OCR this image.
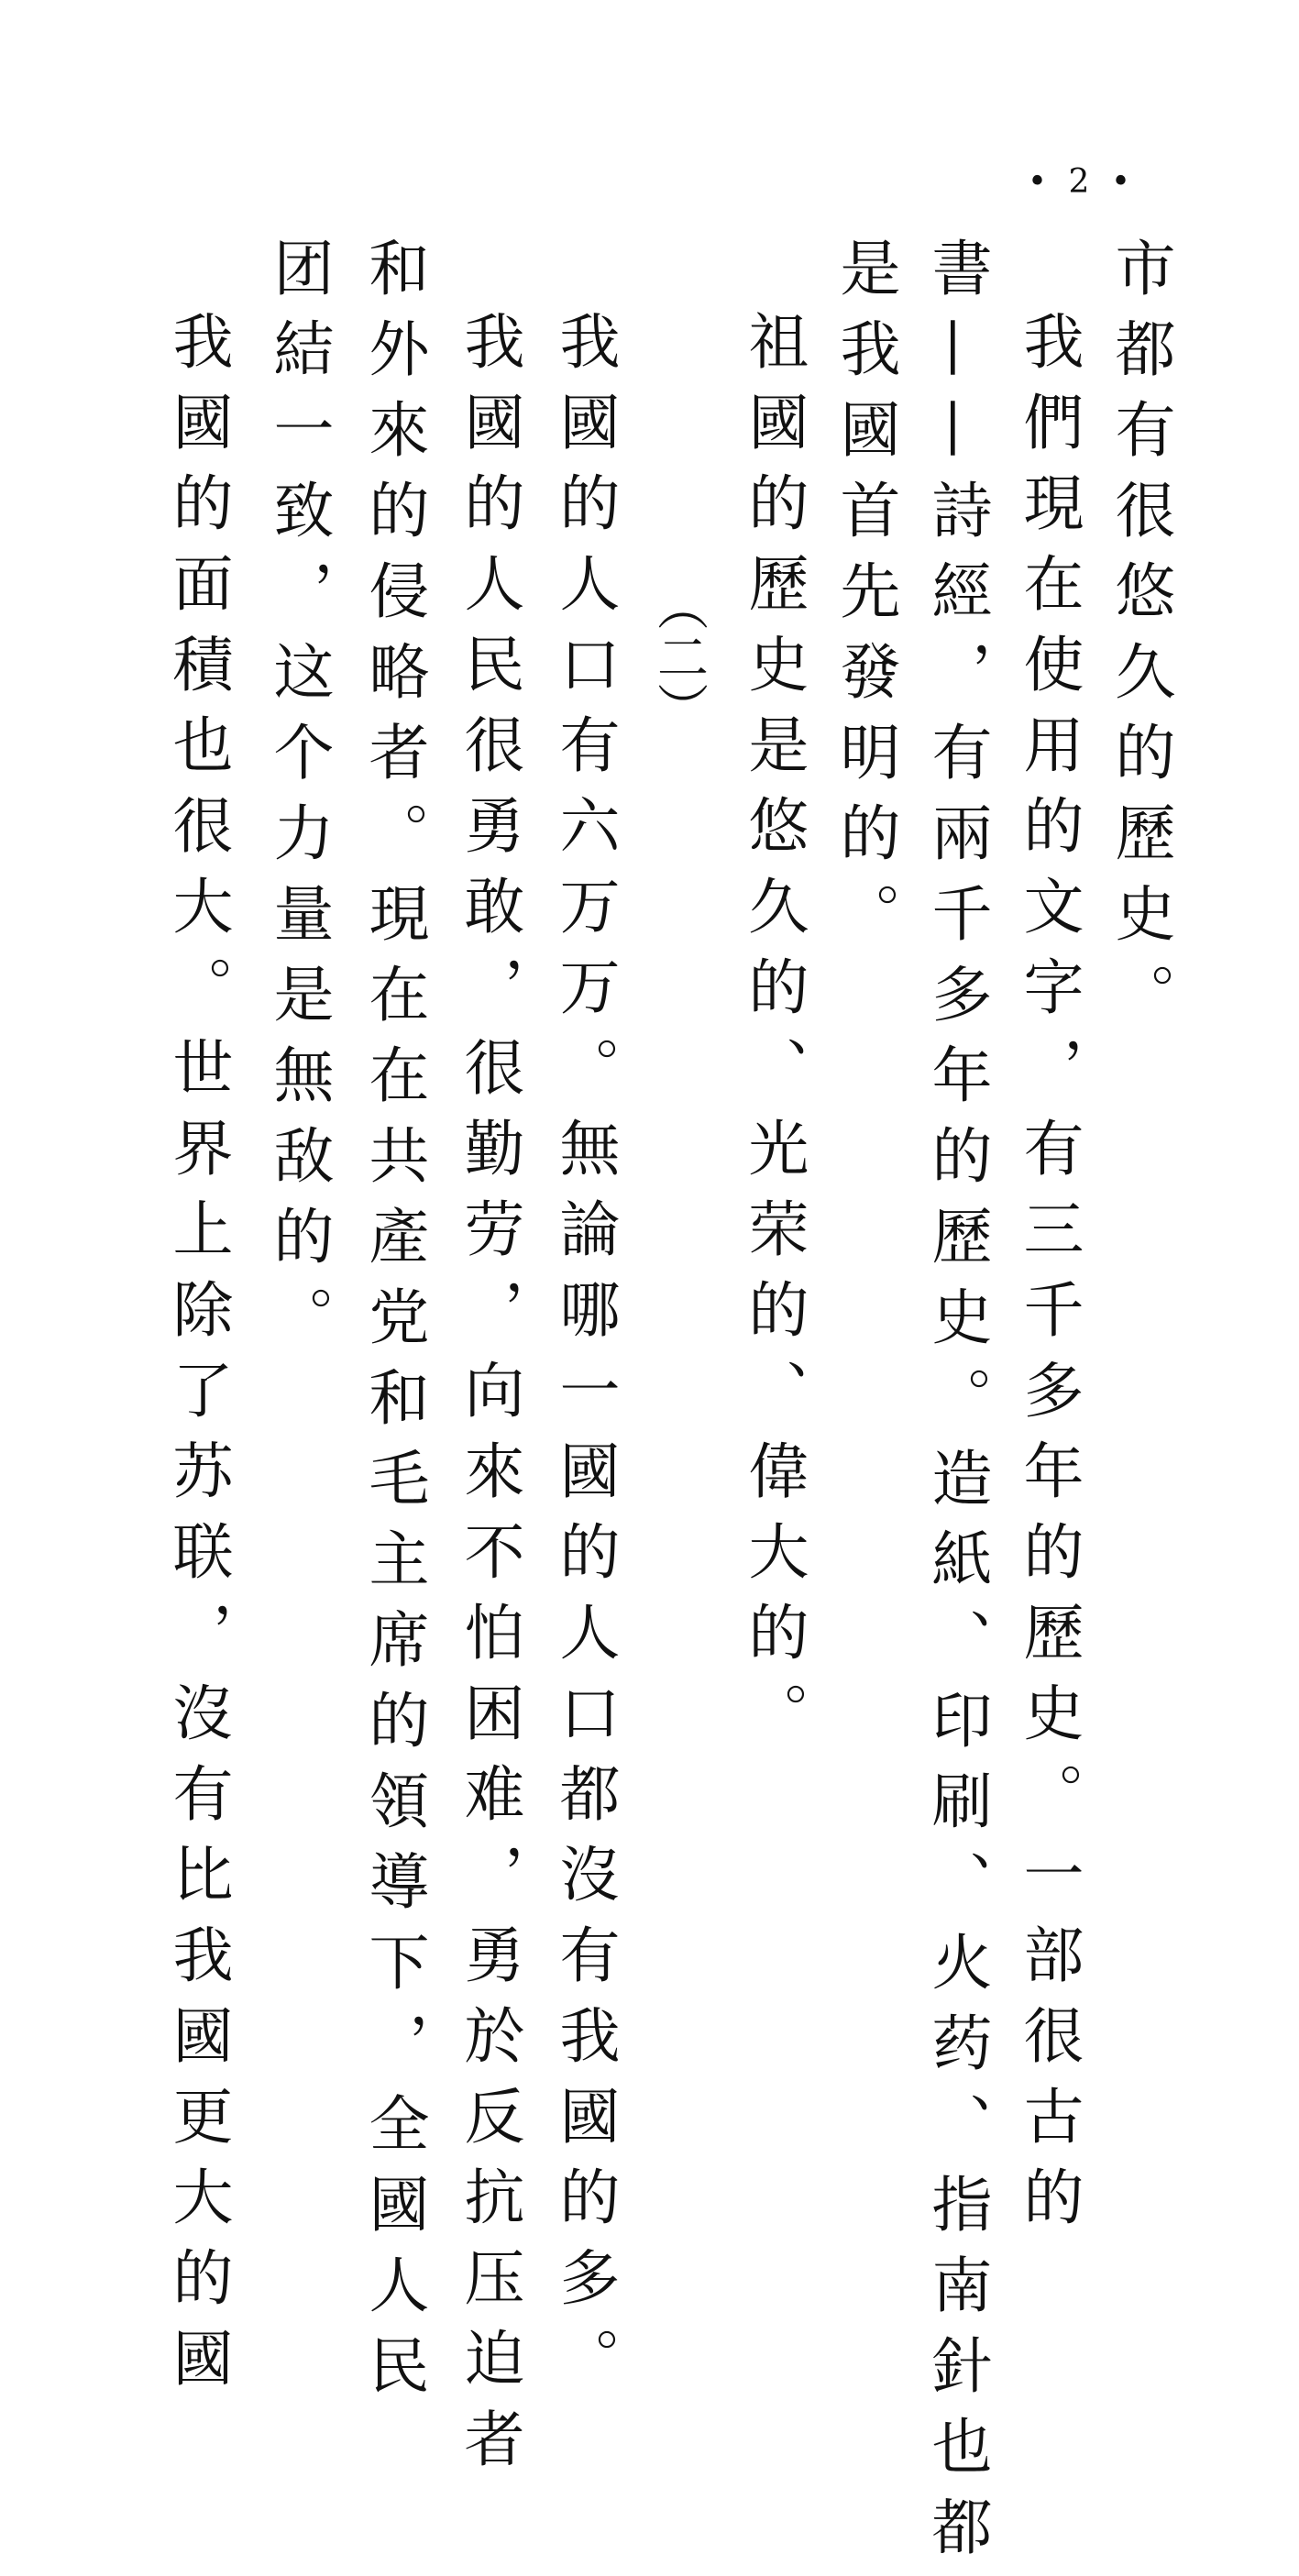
• 2 •
市都有很悠久的歷史。
我們現在使用的文字，有三千多年的歷史。一部很古的
書——詩經，有兩千多年的歷史。造紙、印刷、火药、指南針也都
是我國首先發明的。
祖國的歷史是悠久的、光荣的、偉大的。
（二）
我國的人口有六万万。無論哪一國的人口都沒有我國的多。
我國的人民很勇敢，很勤劳，向來不怕困难，勇於反抗压迫者
和外來的侵略者。現在在共產党和毛主席的領導下，全國人民
团結一致，这个力量是無敌的。
我國的面積也很大。世界上除了苏联，沒有比我國更大的國
